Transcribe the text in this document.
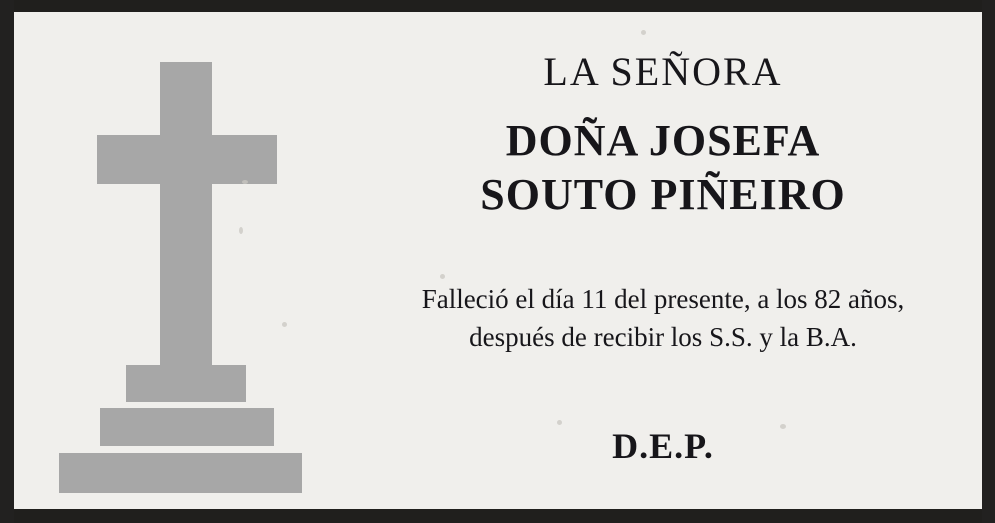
LA SEÑORA
DOÑA JOSEFA
SOUTO PIÑEIRO
Falleció el día 11 del presente, a los 82 años,
después de recibir los S.S. y la B.A.
D.E.P.
